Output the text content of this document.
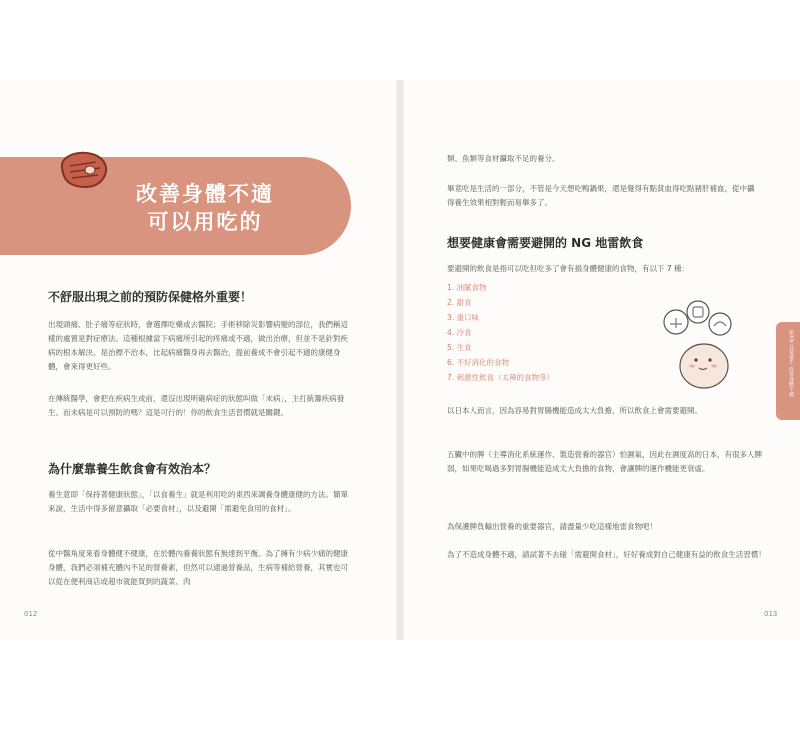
改善身體不適
可以用吃的
不舒服出現之前的預防保健格外重要！

出現頭痛、肚子痛等症狀時，會選擇吃藥或去醫院；手術移除災影響病變的部位，我們稱這樣的處置是對症療法。這種根據當下病痛所引起的疼痛或不適，做出治療，但並不是針對疾病的根本解決。是治標不治本，比起病痛醫身再去醫治，提前養成不會引起不適的康健身體，會來得更好些。

在傳統醫學，會把在疾病生成前，還沒出現明確病症的狀態叫做「未病」，主打統籌疾病發生。而未病是可以預防的嗎？這是可行的！你的飲食生活習慣就是關鍵。

為什麼靠養生飲食會有效治本？

養生意即「保持著健康狀態」，「以食養生」就是利用吃的東西來調養身體康健的方法。簡單來說，生活中得多留意攝取「必要食材」，以及避開「需避免食用的食材」。

從中醫角度來看身體健不健康，在於體內養養狀態有無達到平衡。為了擁有少病少痛的健康身體，我們必須補充體內不足的營養素，但然可以通過營養品，生病等補給營養，其實也可以從在便利商店或超市就能買到的蔬菜、肉

012

類、魚類等食材攝取不足的養分。

畢竟吃是生活的一部分，不管是今天想吃鴨鍋果，還是覺得有點貧血得吃點豬肝補血，從中攝得養生效果相對輕而易舉多了。

想要健康會需要避開的 NG 地雷飲食

要避開的飲食是指可以吃但吃多了會有損身體健康的食物，有以下 7 種：

1. 油膩食物
2. 甜食
3. 重口味
4. 冷食
5. 生食
6. 不好消化的食物
7. 刺激性飲食（太辣的食物等）

以日本人而言，因為容易對胃腸機能造成太大負擔，所以飲食上會需要避開。

五臟中的脾（主導消化系統運作、製造營養的器官）怕濕氣，因此在濕度高的日本，有很多人脾弱，如果吃喝過多對胃腸機能造成太大負擔的食物，會讓脾的運作機能更衰虛。

為保護脾負輸出營養的重要器官，請盡量少吃這樣地雷食物吧！

為了不造成身體不適，請試著不去碰「需避開食材」，好好養成對自己健康有益的飲食生活習慣！

013
第1章 日常養生 改善身體不適
